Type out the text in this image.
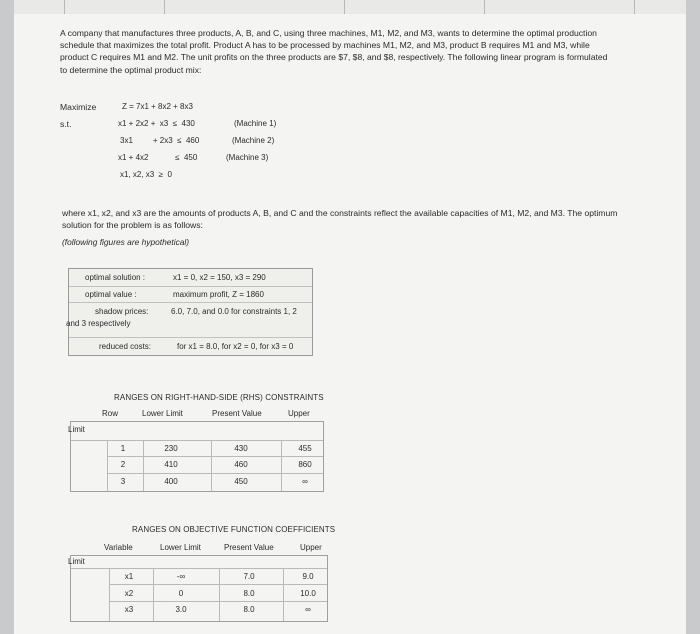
A company that manufactures three products, A, B, and C, using three machines, M1, M2, and M3, wants to determine the optimal production

schedule that maximizes the total profit. Product A has to be processed by machines M1, M2, and M3, product B requires M1 and M3, while

product C requires M1 and M2. The unit profits on the three products are $7, $8, and $8, respectively. The following linear program is formulated

to determine the optimal product mix:

Maximize
s.t.
Z = 7x1 + 8x2 + 8x3
x1 + 2x2 +  x3  ≤  430	(Machine 1)
3x1         + 2x3  ≤  460	(Machine 2)
x1 + 4x2            ≤  450	(Machine 3)
x1, x2, x3  ≥  0

where x1, x2, and x3 are the amounts of products A, B, and C and the constraints reflect the available capacities of M1, M2, and M3. The optimum

solution for the problem is as follows:

(following figures are hypothetical)
optimal solution :	x1 = 0, x2 = 150, x3 = 290
optimal value :	maximum profit, Z = 1860
shadow prices:	6.0, 7.0, and 0.0 for constraints 1, 2
and 3 respectively
reduced costs:	for x1 = 8.0, for x2 = 0, for x3 = 0
RANGES ON RIGHT-HAND-SIDE (RHS) CONSTRAINTS
Row	Lower Limit	Present Value	Upper
Limit
1	230	430	455
2	410	460	860
3	400	450	∞
RANGES ON OBJECTIVE FUNCTION COEFFICIENTS
Variable	Lower Limit	Present Value	Upper
Limit
x1	-∞	7.0	9.0
x2	0	8.0	10.0
x3	3.0	8.0	∞
